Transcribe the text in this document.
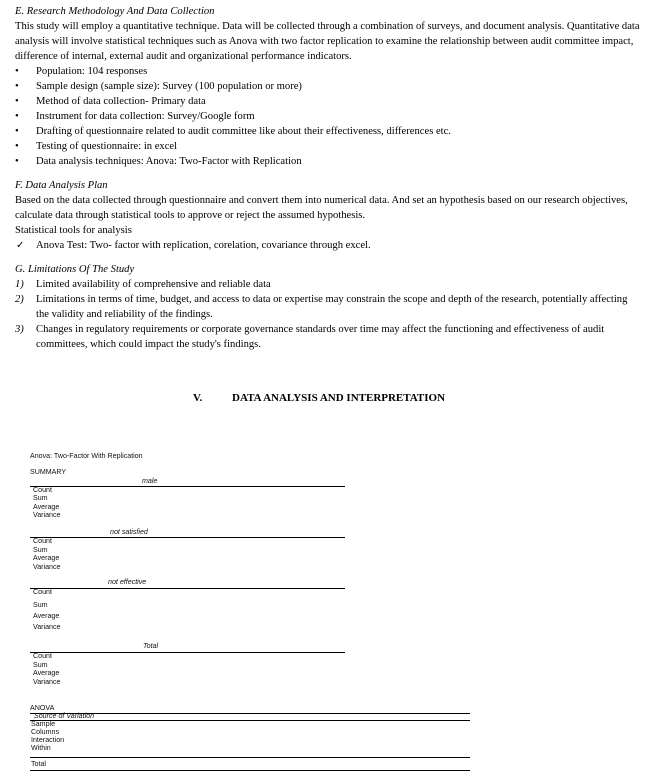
E. Research Methodology And Data Collection

This study will employ a quantitative technique. Data will be collected through a combination of surveys, and document analysis. Quantitative data analysis will involve statistical techniques such as Anova with two factor replication to examine the relationship between audit committee impact, difference of internal, external audit and organizational performance indicators.

• Population: 104 responses
• Sample design (sample size): Survey (100 population or more)
• Method of data collection- Primary data
• Instrument for data collection: Survey/Google form
• Drafting of questionnaire related to audit committee like about their effectiveness, differences etc.
• Testing of questionnaire: in excel
• Data analysis techniques: Anova: Two-Factor with Replication
F. Data Analysis Plan

Based on the data collected through questionnaire and convert them into numerical data. And set an hypothesis based on our research objectives, calculate data through statistical tools to approve or reject the assumed hypothesis.

Statistical tools for analysis
✓ Anova Test: Two- factor with replication, corelation, covariance through excel.
G. Limitations Of The Study
1) Limited availability of comprehensive and reliable data
2) Limitations in terms of time, budget, and access to data or expertise may constrain the scope and depth of the research, potentially affecting the validity and reliability of the findings.
3) Changes in regulatory requirements or corporate governance standards over time may affect the functioning and effectiveness of audit committees, which could impact the study's findings.
V.	DATA ANALYSIS AND INTERPRETATION
Anova: Two-Factor With Replication
SUMMARY
male
Count
Sum
Average
Variance
not satisfied
Count
Sum
Average
Variance
not effective
Count
Sum
Average
Variance
Total
Count
Sum
Average
Variance
ANOVA
Source of Variation
Sample
Columns
Interaction
Within
Total
